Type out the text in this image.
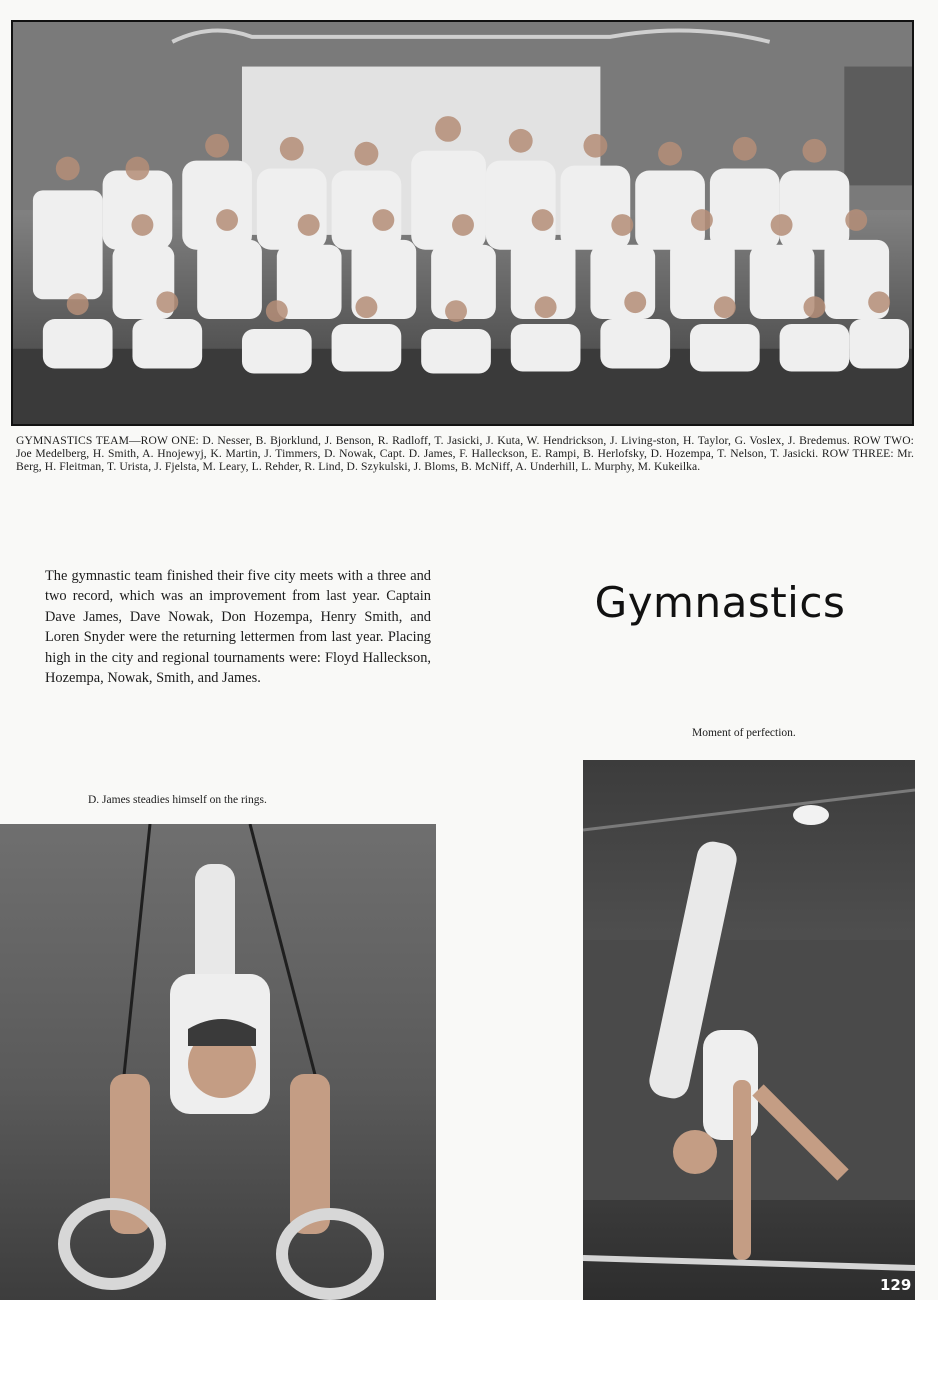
GYMNASTICS TEAM—ROW ONE: D. Nesser, B. Bjorklund, J. Benson, R. Radloff, T. Jasicki, J. Kuta, W. Hendrickson, J. Living-ston, H. Taylor, G. Voslex, J. Bredemus. ROW TWO: Joe Medelberg, H. Smith, A. Hnojewyj, K. Martin, J. Timmers, D. Nowak, Capt. D. James, F. Halleckson, E. Rampi, B. Herlofsky, D. Hozempa, T. Nelson, T. Jasicki. ROW THREE: Mr. Berg, H. Fleitman, T. Urista, J. Fjelsta, M. Leary, L. Rehder, R. Lind, D. Szykulski, J. Bloms, B. McNiff, A. Underhill, L. Murphy, M. Kukeilka.
The gymnastic team finished their five city meets with a three and two record, which was an improvement from last year. Captain Dave James, Dave Nowak, Don Hozempa, Henry Smith, and Loren Snyder were the returning lettermen from last year. Placing high in the city and regional tournaments were: Floyd Halleckson, Hozempa, Nowak, Smith, and James.
Gymnastics
Moment of perfection.
D. James steadies himself on the rings.
129
